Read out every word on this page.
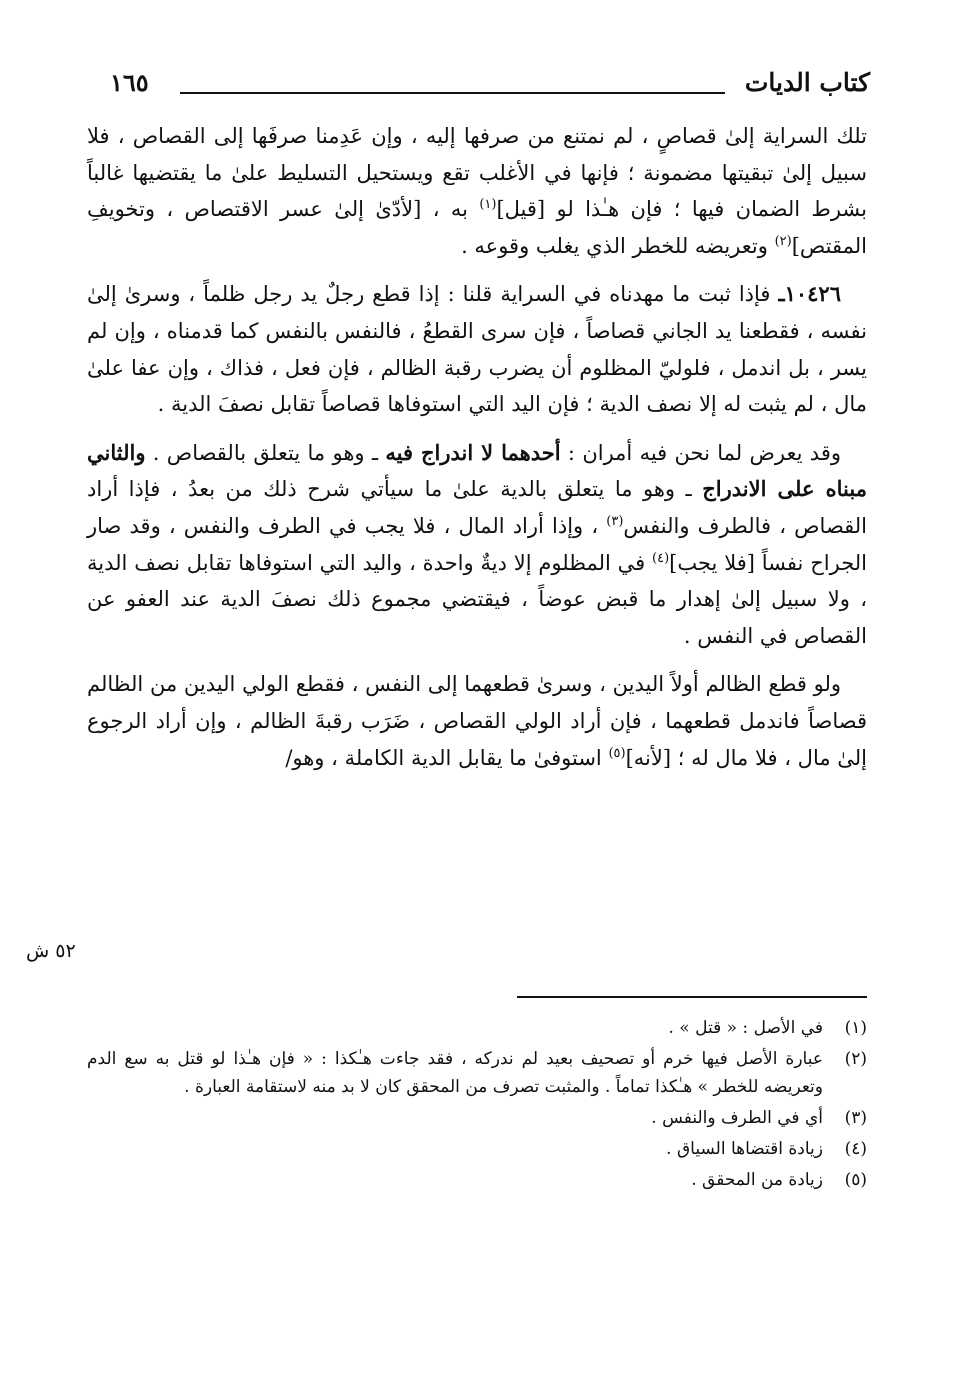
كتاب الديات
١٦٥

تلك السراية إلىٰ قصاصٍ ، لم نمتنع من صرفها إليه ، وإن عَدِمنا صرفَها إلى القصاص ، فلا سبيل إلىٰ تبقيتها مضمونة ؛ فإنها في الأغلب تقع ويستحيل التسليط علىٰ ما يقتضيها غالباً بشرط الضمان فيها ؛ فإن هـٰذا لو [قيل]$^{(١)}$ به ، [لأدّىٰ إلىٰ عسر الاقتصاص ، وتخويفِ المقتص]$^{(٢)}$ وتعريضه للخطر الذي يغلب وقوعه .

١٠٤٢٦ـ فإذا ثبت ما مهدناه في السراية قلنا : إذا قطع رجلٌ يد رجل ظلماً ، وسرىٰ إلىٰ نفسه ، فقطعنا يد الجاني قصاصاً ، فإن سرى القطعُ ، فالنفس بالنفس كما قدمناه ، وإن لم يسر ، بل اندمل ، فلوليّ المظلوم أن يضرب رقبة الظالم ، فإن فعل ، فذاك ، وإن عفا علىٰ مال ، لم يثبت له إلا نصف الدية ؛ فإن اليد التي استوفاها قصاصاً تقابل نصفَ الدية .

وقد يعرض لما نحن فيه أمران : أحدهما لا اندراج فيه ـ وهو ما يتعلق بالقصاص . والثاني مبناه على الاندراج ـ وهو ما يتعلق بالدية علىٰ ما سيأتي شرح ذلك من بعدُ ، فإذا أراد القصاص ، فالطرف والنفس$^{(٣)}$ ، وإذا أراد المال ، فلا يجب في الطرف والنفس ، وقد صار الجراح نفساً [فلا يجب]$^{(٤)}$ في المظلوم إلا ديةٌ واحدة ، واليد التي استوفاها تقابل نصف الدية ، ولا سبيل إلىٰ إهدار ما قبض عوضاً ، فيقتضي مجموع ذلك نصفَ الدية عند العفو عن القصاص في النفس .

ولو قطع الظالم أولاً اليدين ، وسرىٰ قطعهما إلى النفس ، فقطع الولي اليدين من الظالم قصاصاً فاندمل قطعهما ، فإن أراد الولي القصاص ، ضَرَب رقبةَ الظالم ، وإن أراد الرجوع إلىٰ مال ، فلا مال له ؛ [لأنه]$^{(٥)}$ استوفىٰ ما يقابل الدية الكاملة ، وهو/

٥٢ ش
(١)
في الأصل : « قتل » .
(٢)
عبارة الأصل فيها خرم أو تصحيف بعيد لم ندركه ، فقد جاءت هـٰكذا : « فإن هـٰذا لو قتل به سع الدم وتعريضه للخطر » هـٰكذا تماماً . والمثبت تصرف من المحقق كان لا بد منه لاستقامة العبارة .
(٣)
أي في الطرف والنفس .
(٤)
زيادة اقتضاها السياق .
(٥)
زيادة من المحقق .
